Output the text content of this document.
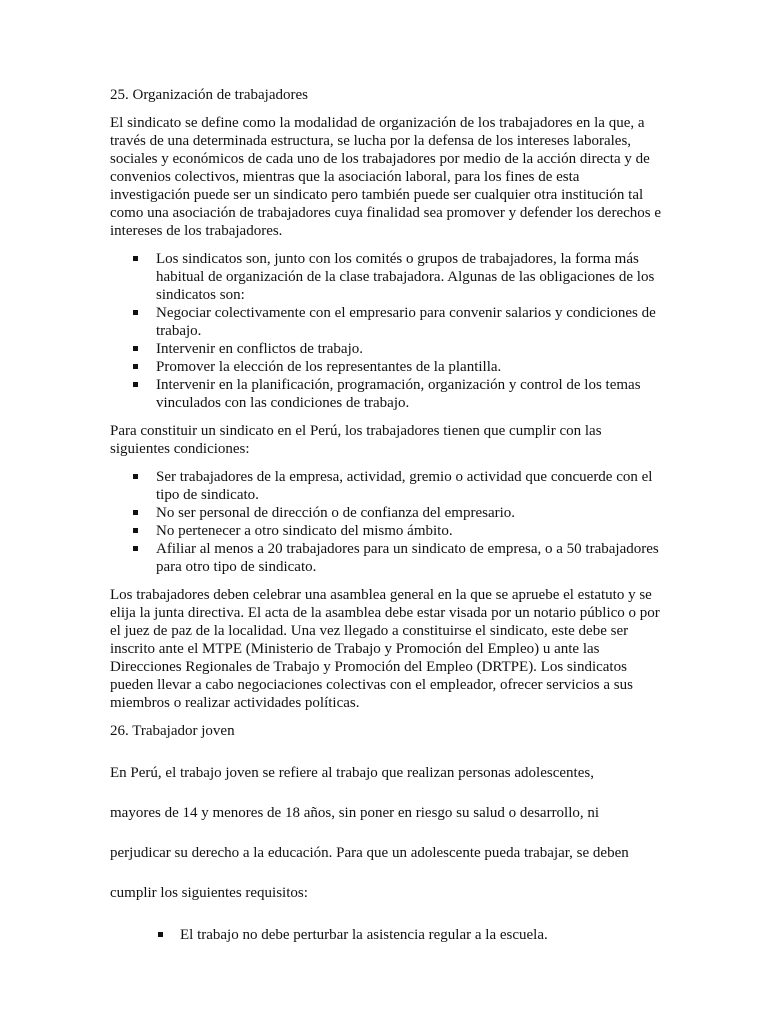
25. Organización de trabajadores

El sindicato se define como la modalidad de organización de los trabajadores en la que, a través de una determinada estructura, se lucha por la defensa de los intereses laborales, sociales y económicos de cada uno de los trabajadores por medio de la acción directa y de convenios colectivos, mientras que la asociación laboral, para los fines de esta investigación puede ser un sindicato pero también puede ser cualquier otra institución tal como una asociación de trabajadores cuya finalidad sea promover y defender los derechos e intereses de los trabajadores.

Los sindicatos son, junto con los comités o grupos de trabajadores, la forma más habitual de organización de la clase trabajadora. Algunas de las obligaciones de los sindicatos son:
Negociar colectivamente con el empresario para convenir salarios y condiciones de trabajo.
Intervenir en conflictos de trabajo.
Promover la elección de los representantes de la plantilla.
Intervenir en la planificación, programación, organización y control de los temas vinculados con las condiciones de trabajo.

Para constituir un sindicato en el Perú, los trabajadores tienen que cumplir con las siguientes condiciones:

Ser trabajadores de la empresa, actividad, gremio o actividad que concuerde con el tipo de sindicato.
No ser personal de dirección o de confianza del empresario.
No pertenecer a otro sindicato del mismo ámbito.
Afiliar al menos a 20 trabajadores para un sindicato de empresa, o a 50 trabajadores para otro tipo de sindicato.

Los trabajadores deben celebrar una asamblea general en la que se apruebe el estatuto y se elija la junta directiva. El acta de la asamblea debe estar visada por un notario público o por el juez de paz de la localidad. Una vez llegado a constituirse el sindicato, este debe ser inscrito ante el MTPE (Ministerio de Trabajo y Promoción del Empleo) u ante las Direcciones Regionales de Trabajo y Promoción del Empleo (DRTPE). Los sindicatos pueden llevar a cabo negociaciones colectivas con el empleador, ofrecer servicios a sus miembros o realizar actividades políticas.

26. Trabajador joven
En Perú, el trabajo joven se refiere al trabajo que realizan personas adolescentes,
mayores de 14 y menores de 18 años, sin poner en riesgo su salud o desarrollo, ni
perjudicar su derecho a la educación. Para que un adolescente pueda trabajar, se deben
cumplir los siguientes requisitos:
El trabajo no debe perturbar la asistencia regular a la escuela.
